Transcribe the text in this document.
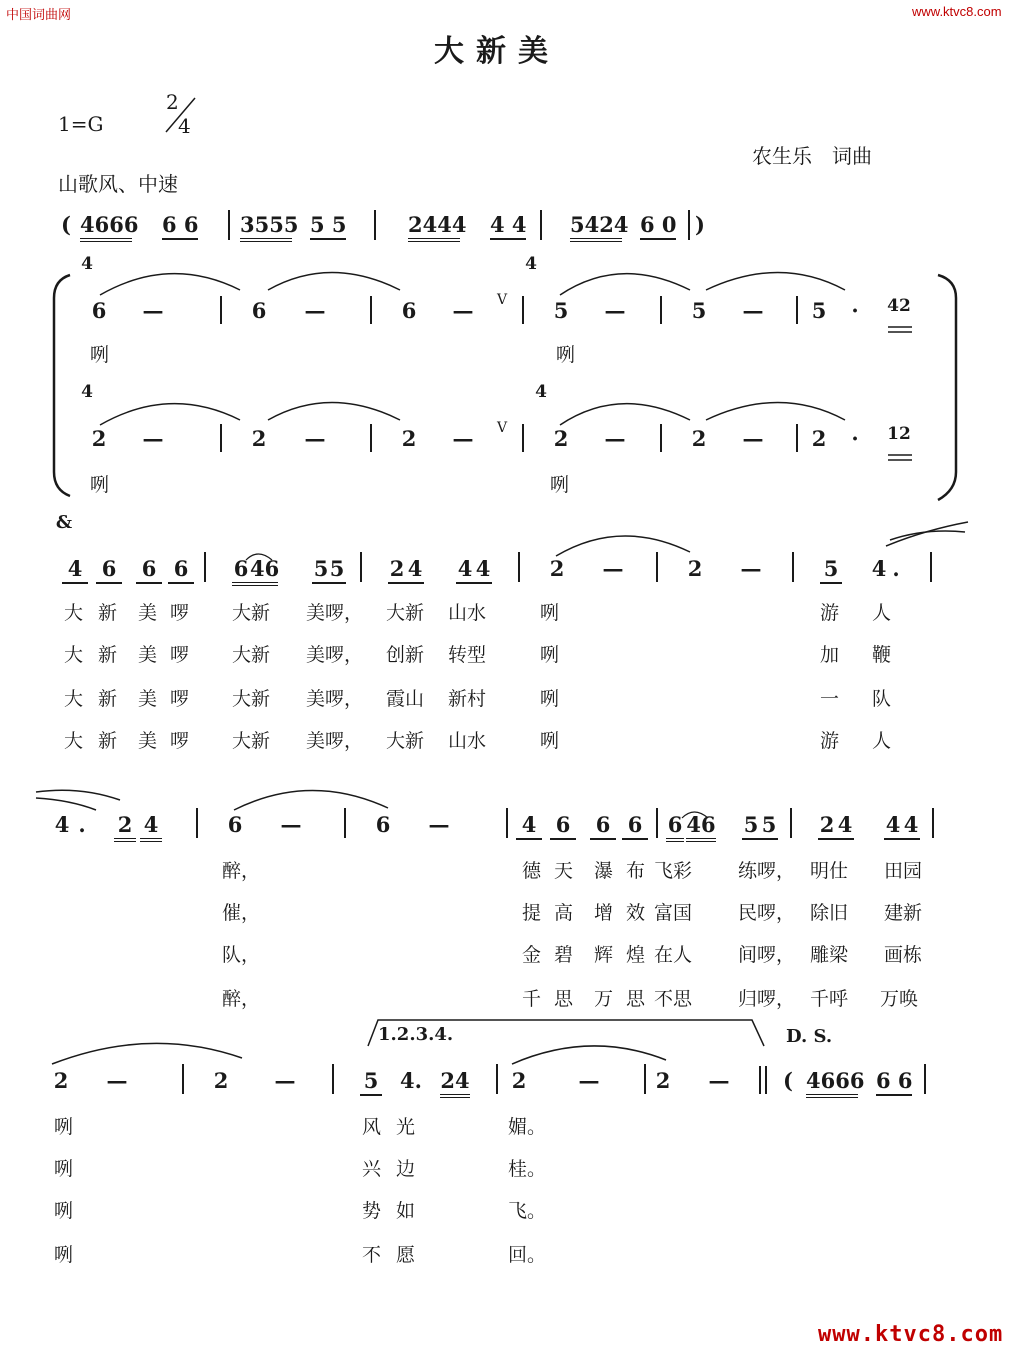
中国词曲网	www.ktvc8.com
大新美
1=G
2
4
农生乐　词曲
山歌风、中速
( 4666 6 6 3555 5 5	2444 4 4 5424 6 0 )
4	4
4	4
6	—	6	—	6	—	V	5	—	5	—	5	·	42
咧	咧
2	—	2	—	2	—	V	2	—	2	—	2	·	12
咧	咧
&
4 6 6 6 6 46 5 5 2 4 4 4	2	—	2	—	5 4 .
大 新 美 啰 大新 美啰， 大新 山水	咧	游 人
大 新 美 啰 大新 美啰， 创新 转型	咧	加 鞭
大 新 美 啰 大新 美啰， 霞山 新村	咧	一 队
大 新 美 啰 大新 美啰， 大新 山水	咧	游 人
4 . 2 4	6	—	6	—	4 6 6 6 6 46 5 5 2 4 4 4
醉，	德 天 瀑 布 飞彩 练啰， 明仕 田园
催，	提 高 增 效 富国 民啰， 除旧 建新
队，	金 碧 辉 煌 在人 间啰， 雕梁 画栋
醉，	千 思 万 思 不思 归啰， 千呼 万唤
1.2.3.4.	D. S.
2	—	2	—	5 4. 24	2	—	2	—	( 4666 6 6
咧	风 光	媚。
咧	兴 边	桂。
咧	势 如	飞。
咧	不 愿	回。
www.ktvc8.com
